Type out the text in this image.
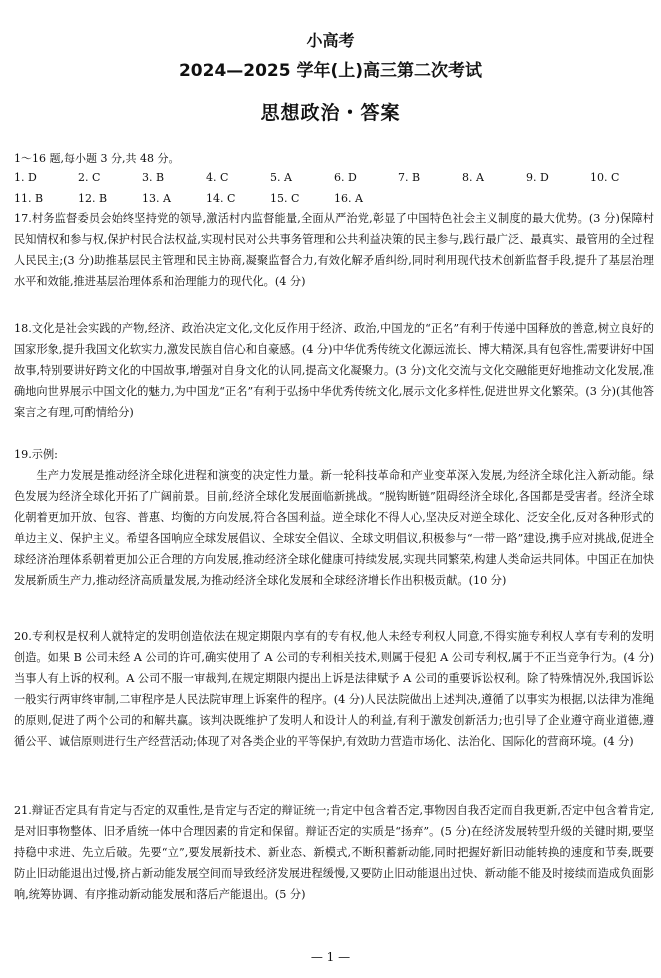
小高考
2024—2025 学年(上)高三第二次考试
思想政治・答案
1～16 题,每小题 3 分,共 48 分。
1. D	2. C	3. B	4. C	5. A	6. D	7. B	8. A	9. D	10. C
11. B	12. B	13. A	14. C	15. C	16. A
17.村务监督委员会始终坚持党的领导,激活村内监督能量,全面从严治党,彰显了中国特色社会主义制度的最大优势。(3 分)保障村民知情权和参与权,保护村民合法权益,实现村民对公共事务管理和公共利益决策的民主参与,践行最广泛、最真实、最管用的全过程人民民主;(3 分)助推基层民主管理和民主协商,凝聚监督合力,有效化解矛盾纠纷,同时利用现代技术创新监督手段,提升了基层治理水平和效能,推进基层治理体系和治理能力的现代化。(4 分)
18.文化是社会实践的产物,经济、政治决定文化,文化反作用于经济、政治,中国龙的“正名”有利于传递中国释放的善意,树立良好的国家形象,提升我国文化软实力,激发民族自信心和自豪感。(4 分)中华优秀传统文化源远流长、博大精深,具有包容性,需要讲好中国故事,特别要讲好跨文化的中国故事,增强对自身文化的认同,提高文化凝聚力。(3 分)文化交流与文化交融能更好地推动文化发展,准确地向世界展示中国文化的魅力,为中国龙“正名”有利于弘扬中华优秀传统文化,展示文化多样性,促进世界文化繁荣。(3 分)(其他答案言之有理,可酌情给分)
19.示例:
生产力发展是推动经济全球化进程和演变的决定性力量。新一轮科技革命和产业变革深入发展,为经济全球化注入新动能。绿色发展为经济全球化开拓了广阔前景。目前,经济全球化发展面临新挑战。“脱钩断链”阻碍经济全球化,各国都是受害者。经济全球化朝着更加开放、包容、普惠、均衡的方向发展,符合各国利益。逆全球化不得人心,坚决反对逆全球化、泛安全化,反对各种形式的单边主义、保护主义。希望各国响应全球发展倡议、全球安全倡议、全球文明倡议,积极参与“一带一路”建设,携手应对挑战,促进全球经济治理体系朝着更加公正合理的方向发展,推动经济全球化健康可持续发展,实现共同繁荣,构建人类命运共同体。中国正在加快发展新质生产力,推动经济高质量发展,为推动经济全球化发展和全球经济增长作出积极贡献。(10 分)
20.专利权是权利人就特定的发明创造依法在规定期限内享有的专有权,他人未经专利权人同意,不得实施专利权人享有专利的发明创造。如果 B 公司未经 A 公司的许可,确实使用了 A 公司的专利相关技术,则属于侵犯 A 公司专利权,属于不正当竞争行为。(4 分)当事人有上诉的权利。A 公司不服一审裁判,在规定期限内提出上诉是法律赋予 A 公司的重要诉讼权利。除了特殊情况外,我国诉讼一般实行两审终审制,二审程序是人民法院审理上诉案件的程序。(4 分)人民法院做出上述判决,遵循了以事实为根据,以法律为准绳的原则,促进了两个公司的和解共赢。该判决既维护了发明人和设计人的利益,有利于激发创新活力;也引导了企业遵守商业道德,遵循公平、诚信原则进行生产经营活动;体现了对各类企业的平等保护,有效助力营造市场化、法治化、国际化的营商环境。(4 分)
21.辩证否定具有肯定与否定的双重性,是肯定与否定的辩证统一;肯定中包含着否定,事物因自我否定而自我更新,否定中包含着肯定,是对旧事物整体、旧矛盾统一体中合理因素的肯定和保留。辩证否定的实质是“扬弃”。(5 分)在经济发展转型升级的关键时期,要坚持稳中求进、先立后破。先要“立”,要发展新技术、新业态、新模式,不断积蓄新动能,同时把握好新旧动能转换的速度和节奏,既要防止旧动能退出过慢,挤占新动能发展空间而导致经济发展进程缓慢,又要防止旧动能退出过快、新动能不能及时接续而造成负面影响,统筹协调、有序推动新动能发展和落后产能退出。(5 分)
— 1 —
